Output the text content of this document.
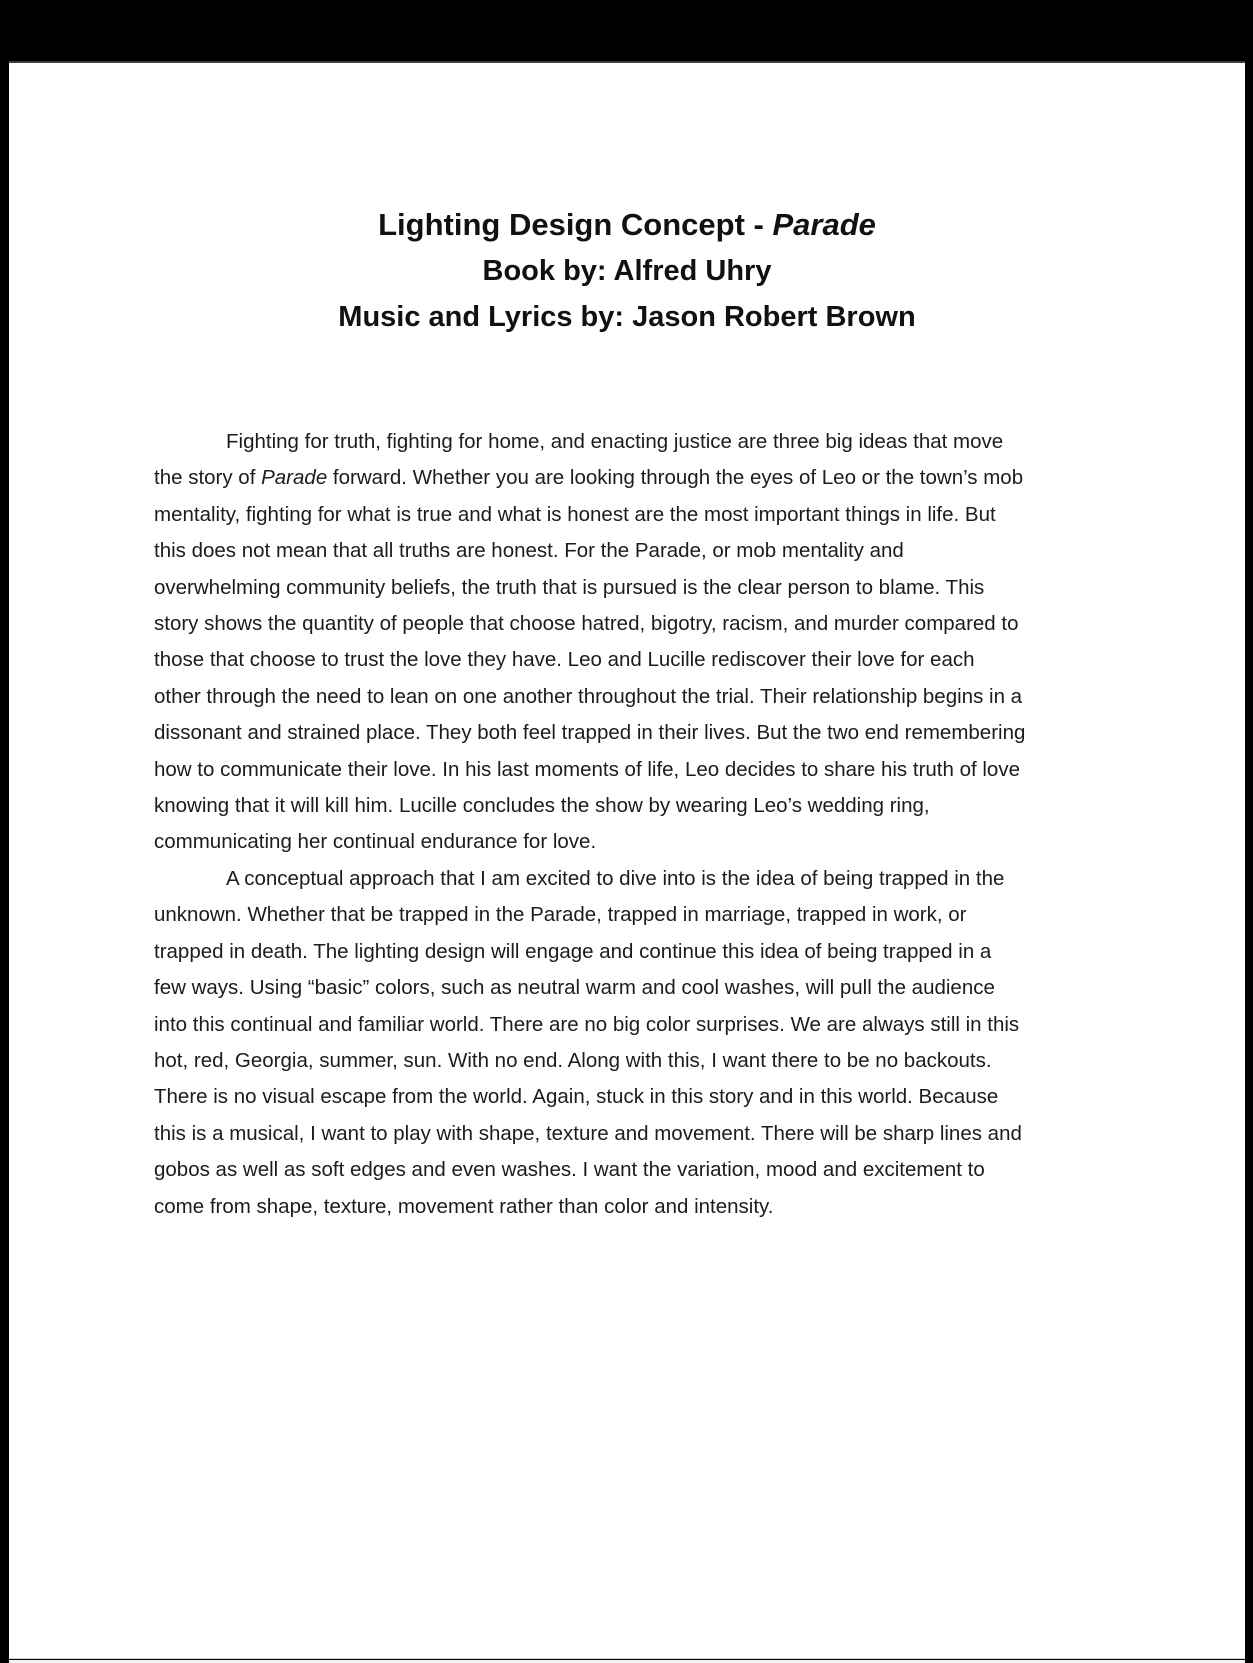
Lighting Design Concept - Parade
Book by: Alfred Uhry
Music and Lyrics by: Jason Robert Brown
Fighting for truth, fighting for home, and enacting justice are three big ideas that move
the story of Parade forward. Whether you are looking through the eyes of Leo or the town’s mob
mentality, fighting for what is true and what is honest are the most important things in life. But
this does not mean that all truths are honest. For the Parade, or mob mentality and
overwhelming community beliefs, the truth that is pursued is the clear person to blame. This
story shows the quantity of people that choose hatred, bigotry, racism, and murder compared to
those that choose to trust the love they have. Leo and Lucille rediscover their love for each
other through the need to lean on one another throughout the trial. Their relationship begins in a
dissonant and strained place. They both feel trapped in their lives. But the two end remembering
how to communicate their love. In his last moments of life, Leo decides to share his truth of love
knowing that it will kill him. Lucille concludes the show by wearing Leo’s wedding ring,
communicating her continual endurance for love.
A conceptual approach that I am excited to dive into is the idea of being trapped in the
unknown. Whether that be trapped in the Parade, trapped in marriage, trapped in work, or
trapped in death. The lighting design will engage and continue this idea of being trapped in a
few ways. Using “basic” colors, such as neutral warm and cool washes, will pull the audience
into this continual and familiar world. There are no big color surprises. We are always still in this
hot, red, Georgia, summer, sun. With no end. Along with this, I want there to be no backouts.
There is no visual escape from the world. Again, stuck in this story and in this world. Because
this is a musical, I want to play with shape, texture and movement. There will be sharp lines and
gobos as well as soft edges and even washes. I want the variation, mood and excitement to
come from shape, texture, movement rather than color and intensity.
